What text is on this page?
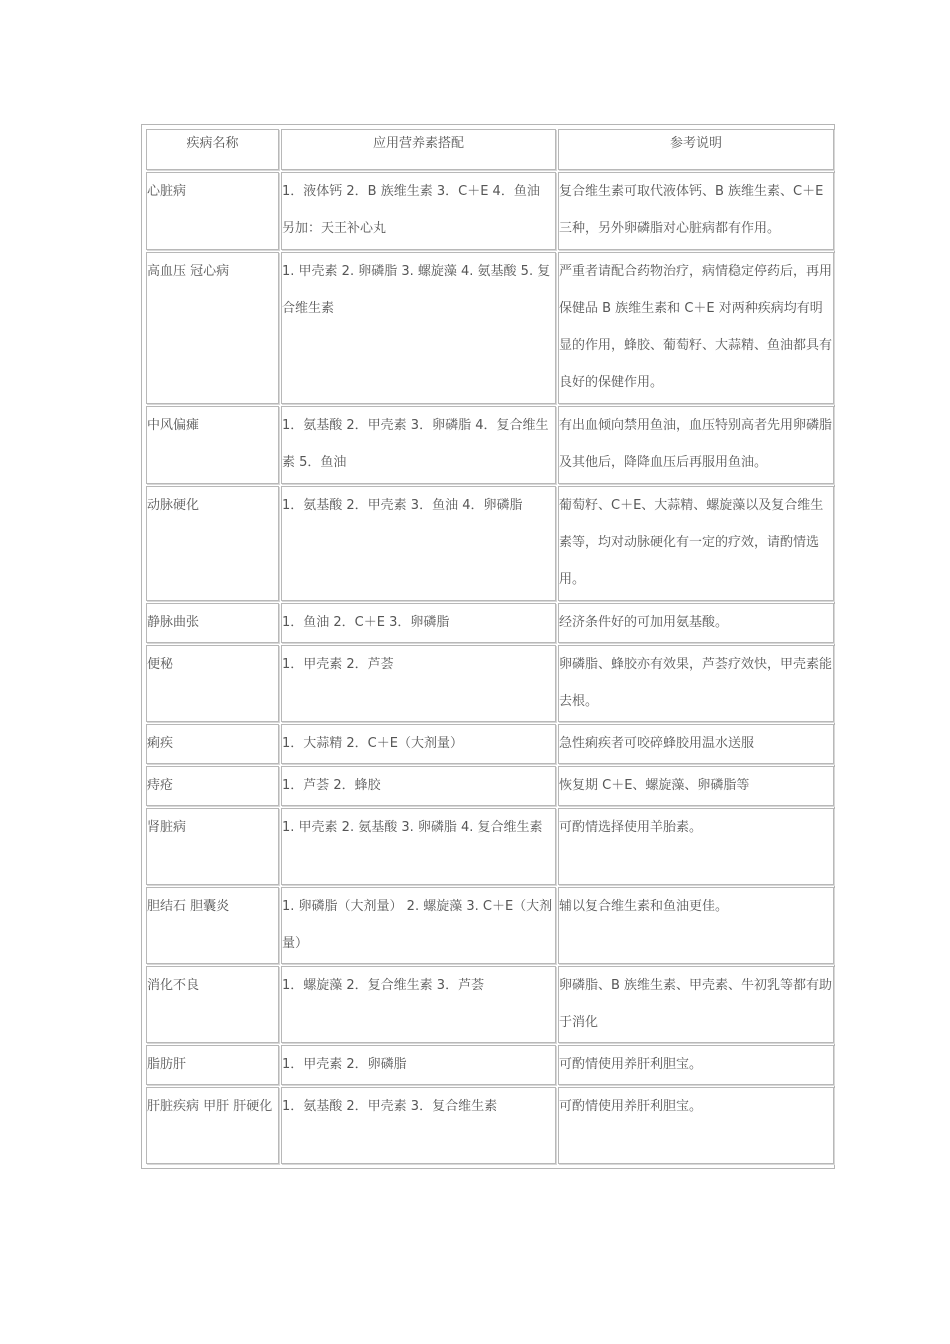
疾病名称	应用营养素搭配	参考说明
心脏病	1．液体钙 2．B 族维生素 3．C＋E 4．鱼油 另加：天王补心丸	复合维生素可取代液体钙、B 族维生素、C＋E 三种，另外卵磷脂对心脏病都有作用。
高血压 冠心病	1. 甲壳素 2. 卵磷脂 3. 螺旋藻 4. 氨基酸 5. 复合维生素	严重者请配合药物治疗，病情稳定停药后，再用保健品 B 族维生素和 C＋E 对两种疾病均有明显的作用，蜂胶、葡萄籽、大蒜精、鱼油都具有良好的保健作用。
中风偏瘫	1．氨基酸 2．甲壳素 3．卵磷脂 4．复合维生素 5．鱼油	有出血倾向禁用鱼油，血压特别高者先用卵磷脂及其他后，降降血压后再服用鱼油。
动脉硬化	1．氨基酸 2．甲壳素 3．鱼油 4．卵磷脂	葡萄籽、C＋E、大蒜精、螺旋藻以及复合维生素等，均对动脉硬化有一定的疗效，请酌情选用。
静脉曲张	1．鱼油 2．C＋E 3．卵磷脂	经济条件好的可加用氨基酸。
便秘	1．甲壳素 2．芦荟	卵磷脂、蜂胶亦有效果，芦荟疗效快，甲壳素能去根。
痢疾	1．大蒜精 2．C＋E（大剂量）	急性痢疾者可咬碎蜂胶用温水送服
痔疮	1．芦荟 2．蜂胶	恢复期 C＋E、螺旋藻、卵磷脂等
肾脏病	1. 甲壳素 2. 氨基酸 3. 卵磷脂 4. 复合维生素	可酌情选择使用羊胎素。
胆结石 胆囊炎	1. 卵磷脂（大剂量） 2. 螺旋藻 3. C＋E（大剂量）	辅以复合维生素和鱼油更佳。
消化不良	1．螺旋藻 2．复合维生素 3．芦荟	卵磷脂、B 族维生素、甲壳素、牛初乳等都有助于消化
脂肪肝	1．甲壳素 2．卵磷脂	可酌情使用养肝利胆宝。
肝脏疾病 甲肝 肝硬化	1．氨基酸 2．甲壳素 3．复合维生素	可酌情使用养肝利胆宝。
